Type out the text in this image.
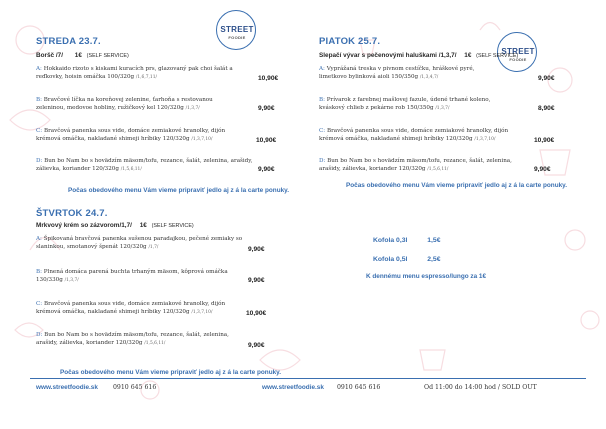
STREET
FOODIE
STREDA 23.7.
Boršč /7/ 1€ (SELF SERVICE)
A: Hokkaido rizoto s kiskami kuracích prs, glazovaný pak choi šalát a reďkovky, hoisin omáčka 100/320g /1,6,7,11/	10,90€
B: Bravčové líčka na koreňovej zelenine, ťarhoňa s restovanou zeleninou, medovoe hobliny, ružičkový kel 120/320g /1,3,7/	9,90€
C: Bravčová panenka sous vide, domáce zemiakové hranolky, dijón krémová omáčka, nakladané shimeji hríbiky 120/320g /1,3,7,10/	10,90€
D: Bun bo Nam bo s hovädzím mäsom/tofu, rezance, šalát, zelenina, arašidy, zálievka, koriander 120/320g /1,5,6,11/	9,90€
Počas obedového menu Vám vieme pripraviť jedlo aj z á la carte ponuky.
ŠTVRTOK 24.7.
Mrkvový krém so zázvorom/1,7/ 1€ (SELF SERVICE)
A: Špikovaná bravčová panenka sušenou paradajkou, pečené zemiaky so slaninkou, smotanový špenát 120/320g /1,7/	9,90€
B: Plnená domáca parená buchta trhaným mäsom, kôprová omáčka 130/330g /1,3,7/	9,90€
C: Bravčová panenka sous vide, domáce zemiakové hranolky, dijón krémová omáčka, nakladané shimeji hríbiky 120/320g /1,3,7,10/	10,90€
D: Bun bo Nam bo s hovädzím mäsom/tofu, rezance, šalát, zelenina, arašidy, zálievka, koriander 120/320g /1,5,6,11/	9,90€
Počas obedového menu Vám vieme pripraviť jedlo aj z á la carte ponuky.
STREET
FOODIE
PIATOK 25.7.
Slepačí vývar s pečenovými haluškami /1,3,7/ 1€ (SELF SERVICE)
A: Vyprážaná treska v pivnom cestíčku, hráškové pyré, limetkovo bylinková aioli 150/350g /1,3,4,7/	9,90€
B: Prívarok z farebnej mašlovej fazule, údené trhané koleno, kváskový chlieb z pekárne rob 150/350g /1,3,7/	8,90€
C: Bravčová panenka sous vide, domáce zemiakové hranolky, dijón krémová omáčka, nakladané shimeji hríbiky 120/320g /1,3,7,10/	10,90€
D: Bun bo Nam bo s hovädzím mäsom/tofu, rezance, šalát, zelenina, arašidy, zálievka, koriander 120/320g /1,5,6,11/	9,90€
Počas obedového menu Vám vieme pripraviť jedlo aj z á la carte ponuky.
Kofola 0,3l	1,5€
Kofola 0,5l	2,5€
K dennému menu espresso/lungo za 1€
www.streetfoodie.sk 0910 645 616	www.streetfoodie.sk 0910 645 616	Od 11:00 do 14:00 hod / SOLD OUT
